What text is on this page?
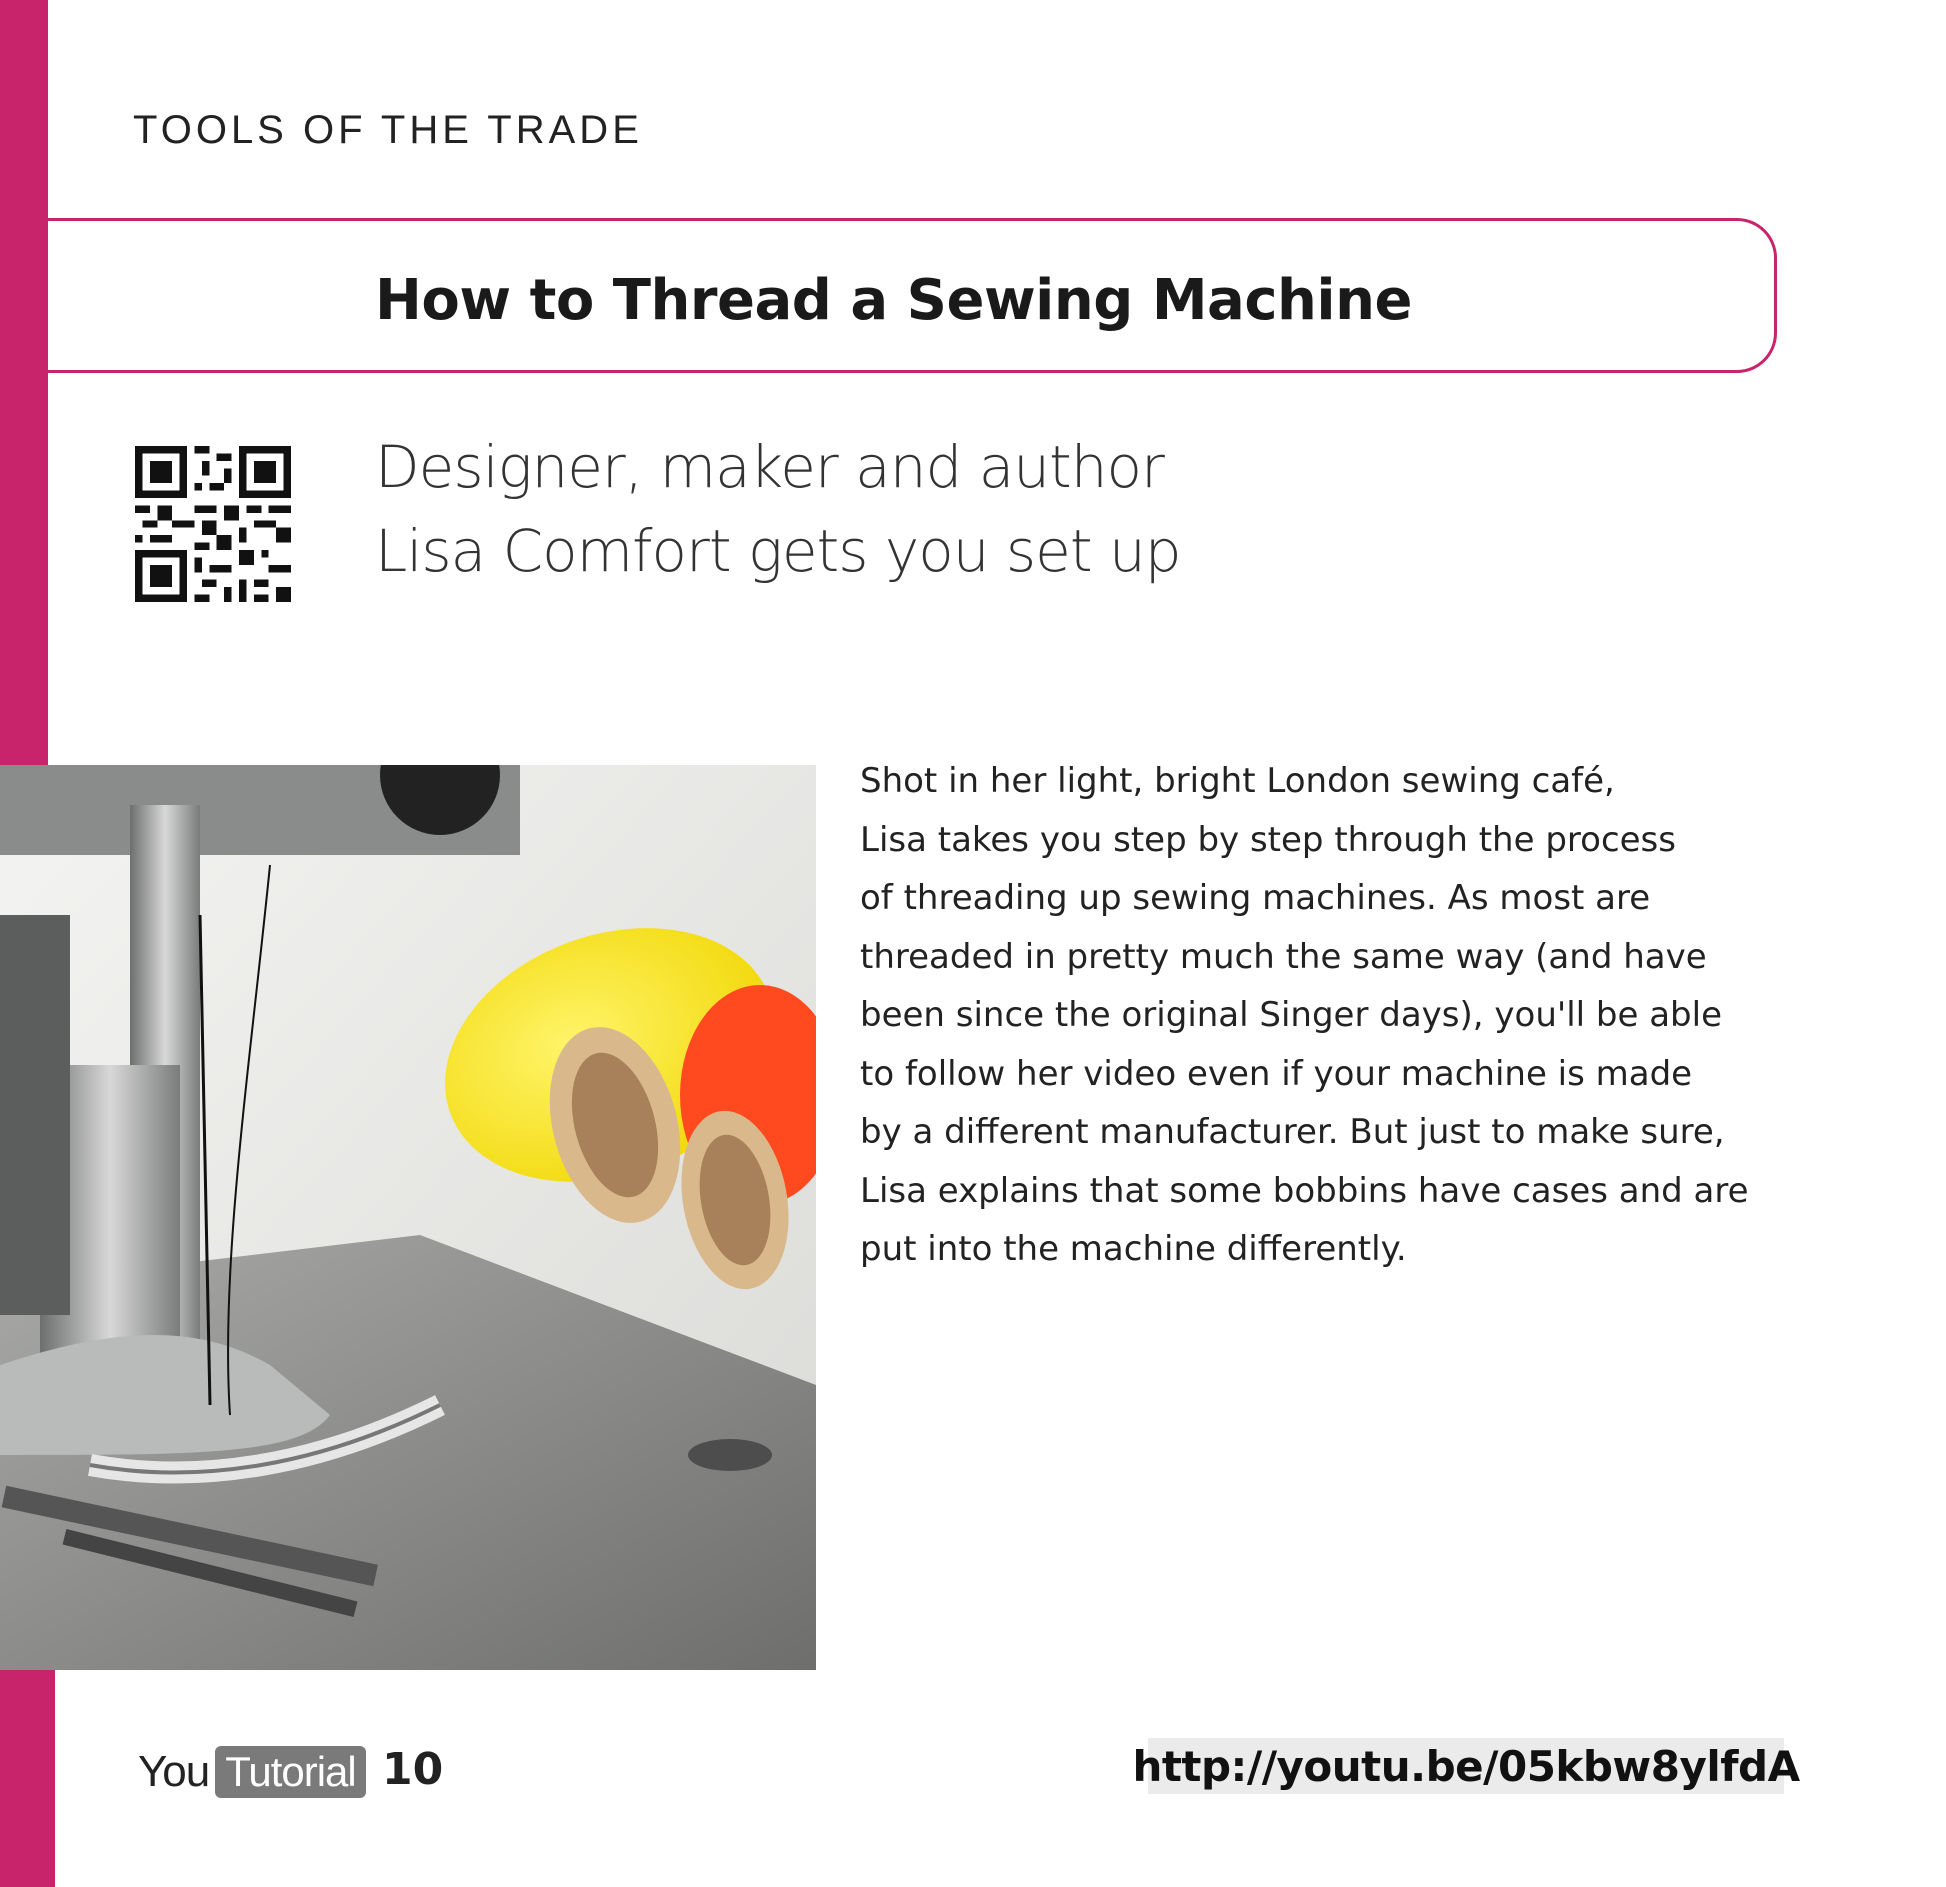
TOOLS OF THE TRADE
How to Thread a Sewing Machine
Designer, maker and author
Lisa Comfort gets you set up
Shot in her light, bright London sewing café,
Lisa takes you step by step through the process
of threading up sewing machines. As most are
threaded in pretty much the same way (and have
been since the original Singer days), you'll be able
to follow her video even if your machine is made
by a different manufacturer. But just to make sure,
Lisa explains that some bobbins have cases and are
put into the machine differently.
You Tutorial 10	http://youtu.be/05kbw8ylfdA
